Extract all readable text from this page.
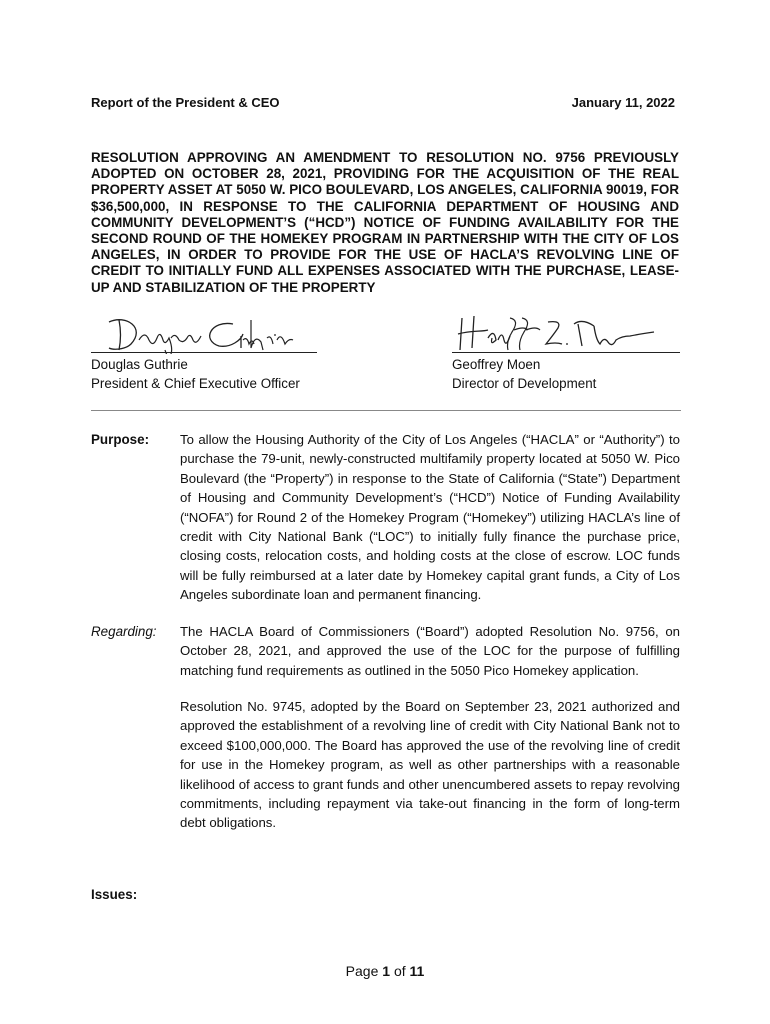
Report of the President & CEO	January 11, 2022

RESOLUTION APPROVING AN AMENDMENT TO RESOLUTION NO. 9756 PREVIOUSLY ADOPTED ON OCTOBER 28, 2021, PROVIDING FOR THE ACQUISITION OF THE REAL PROPERTY ASSET AT 5050 W. PICO BOULEVARD, LOS ANGELES, CALIFORNIA 90019, FOR $36,500,000, IN RESPONSE TO THE CALIFORNIA DEPARTMENT OF HOUSING AND COMMUNITY DEVELOPMENT’S (“HCD”) NOTICE OF FUNDING AVAILABILITY FOR THE SECOND ROUND OF THE HOMEKEY PROGRAM IN PARTNERSHIP WITH THE CITY OF LOS ANGELES, IN ORDER TO PROVIDE FOR THE USE OF HACLA’S REVOLVING LINE OF CREDIT TO INITIALLY FUND ALL EXPENSES ASSOCIATED WITH THE PURCHASE, LEASE-UP AND STABILIZATION OF THE PROPERTY

Douglas Guthrie
President & Chief Executive Officer
Geoffrey Moen
Director of Development
Purpose: To allow the Housing Authority of the City of Los Angeles (“HACLA” or “Authority”) to purchase the 79-unit, newly-constructed multifamily property located at 5050 W. Pico Boulevard (the “Property”) in response to the State of California (“State”) Department of Housing and Community Development’s (“HCD”) Notice of Funding Availability (“NOFA”) for Round 2 of the Homekey Program (“Homekey”) utilizing HACLA’s line of credit with City National Bank (“LOC”) to initially fully finance the purchase price, closing costs, relocation costs, and holding costs at the close of escrow. LOC funds will be fully reimbursed at a later date by Homekey capital grant funds, a City of Los Angeles subordinate loan and permanent financing.
Regarding: The HACLA Board of Commissioners (“Board”) adopted Resolution No. 9756, on October 28, 2021, and approved the use of the LOC for the purpose of fulfilling matching fund requirements as outlined in the 5050 Pico Homekey application.
Resolution No. 9745, adopted by the Board on September 23, 2021 authorized and approved the establishment of a revolving line of credit with City National Bank not to exceed $100,000,000. The Board has approved the use of the revolving line of credit for use in the Homekey program, as well as other partnerships with a reasonable likelihood of access to grant funds and other unencumbered assets to repay revolving commitments, including repayment via take-out financing in the form of long-term debt obligations.
Issues:
Page 1 of 11
